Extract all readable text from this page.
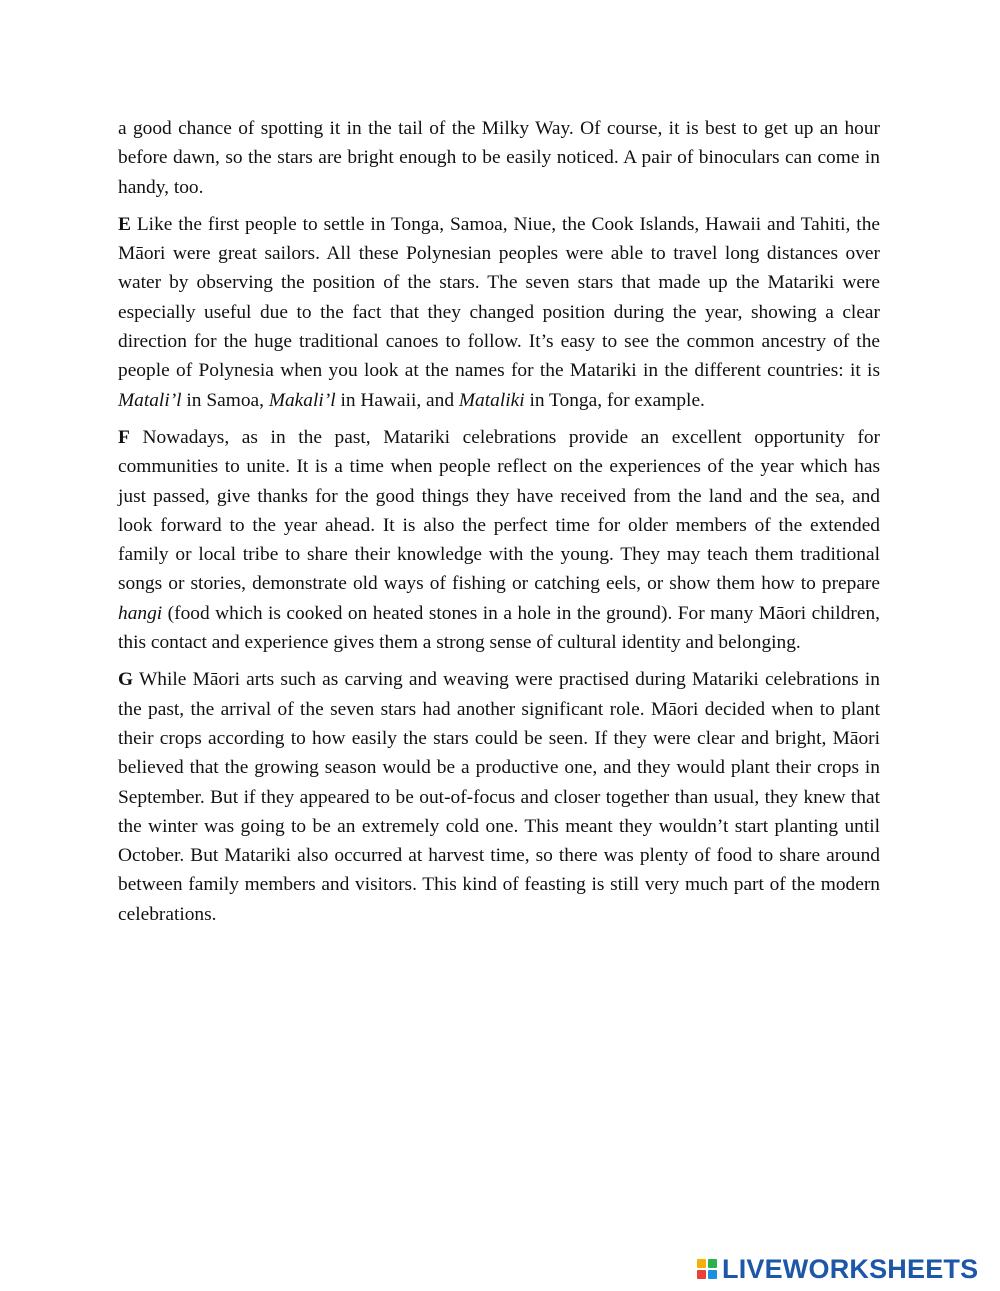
a good chance of spotting it in the tail of the Milky Way. Of course, it is best to get up an hour before dawn, so the stars are bright enough to be easily noticed. A pair of binoculars can come in handy, too.

E Like the first people to settle in Tonga, Samoa, Niue, the Cook Islands, Hawaii and Tahiti, the Māori were great sailors. All these Polynesian peoples were able to travel long distances over water by observing the position of the stars. The seven stars that made up the Matariki were especially useful due to the fact that they changed position during the year, showing a clear direction for the huge traditional canoes to follow. It’s easy to see the common ancestry of the people of Polynesia when you look at the names for the Matariki in the different countries: it is Matali’l in Samoa, Makali’l in Hawaii, and Mataliki in Tonga, for example.

F Nowadays, as in the past, Matariki celebrations provide an excellent opportunity for communities to unite. It is a time when people reflect on the experiences of the year which has just passed, give thanks for the good things they have received from the land and the sea, and look forward to the year ahead. It is also the perfect time for older members of the extended family or local tribe to share their knowledge with the young. They may teach them traditional songs or stories, demonstrate old ways of fishing or catching eels, or show them how to prepare hangi (food which is cooked on heated stones in a hole in the ground). For many Māori children, this contact and experience gives them a strong sense of cultural identity and belonging.

G While Māori arts such as carving and weaving were practised during Matariki celebrations in the past, the arrival of the seven stars had another significant role. Māori decided when to plant their crops according to how easily the stars could be seen. If they were clear and bright, Māori believed that the growing season would be a productive one, and they would plant their crops in September. But if they appeared to be out-of-focus and closer together than usual, they knew that the winter was going to be an extremely cold one. This meant they wouldn’t start planting until October. But Matariki also occurred at harvest time, so there was plenty of food to share around between family members and visitors. This kind of feasting is still very much part of the modern celebrations.

LIVEWORKSHEETS
